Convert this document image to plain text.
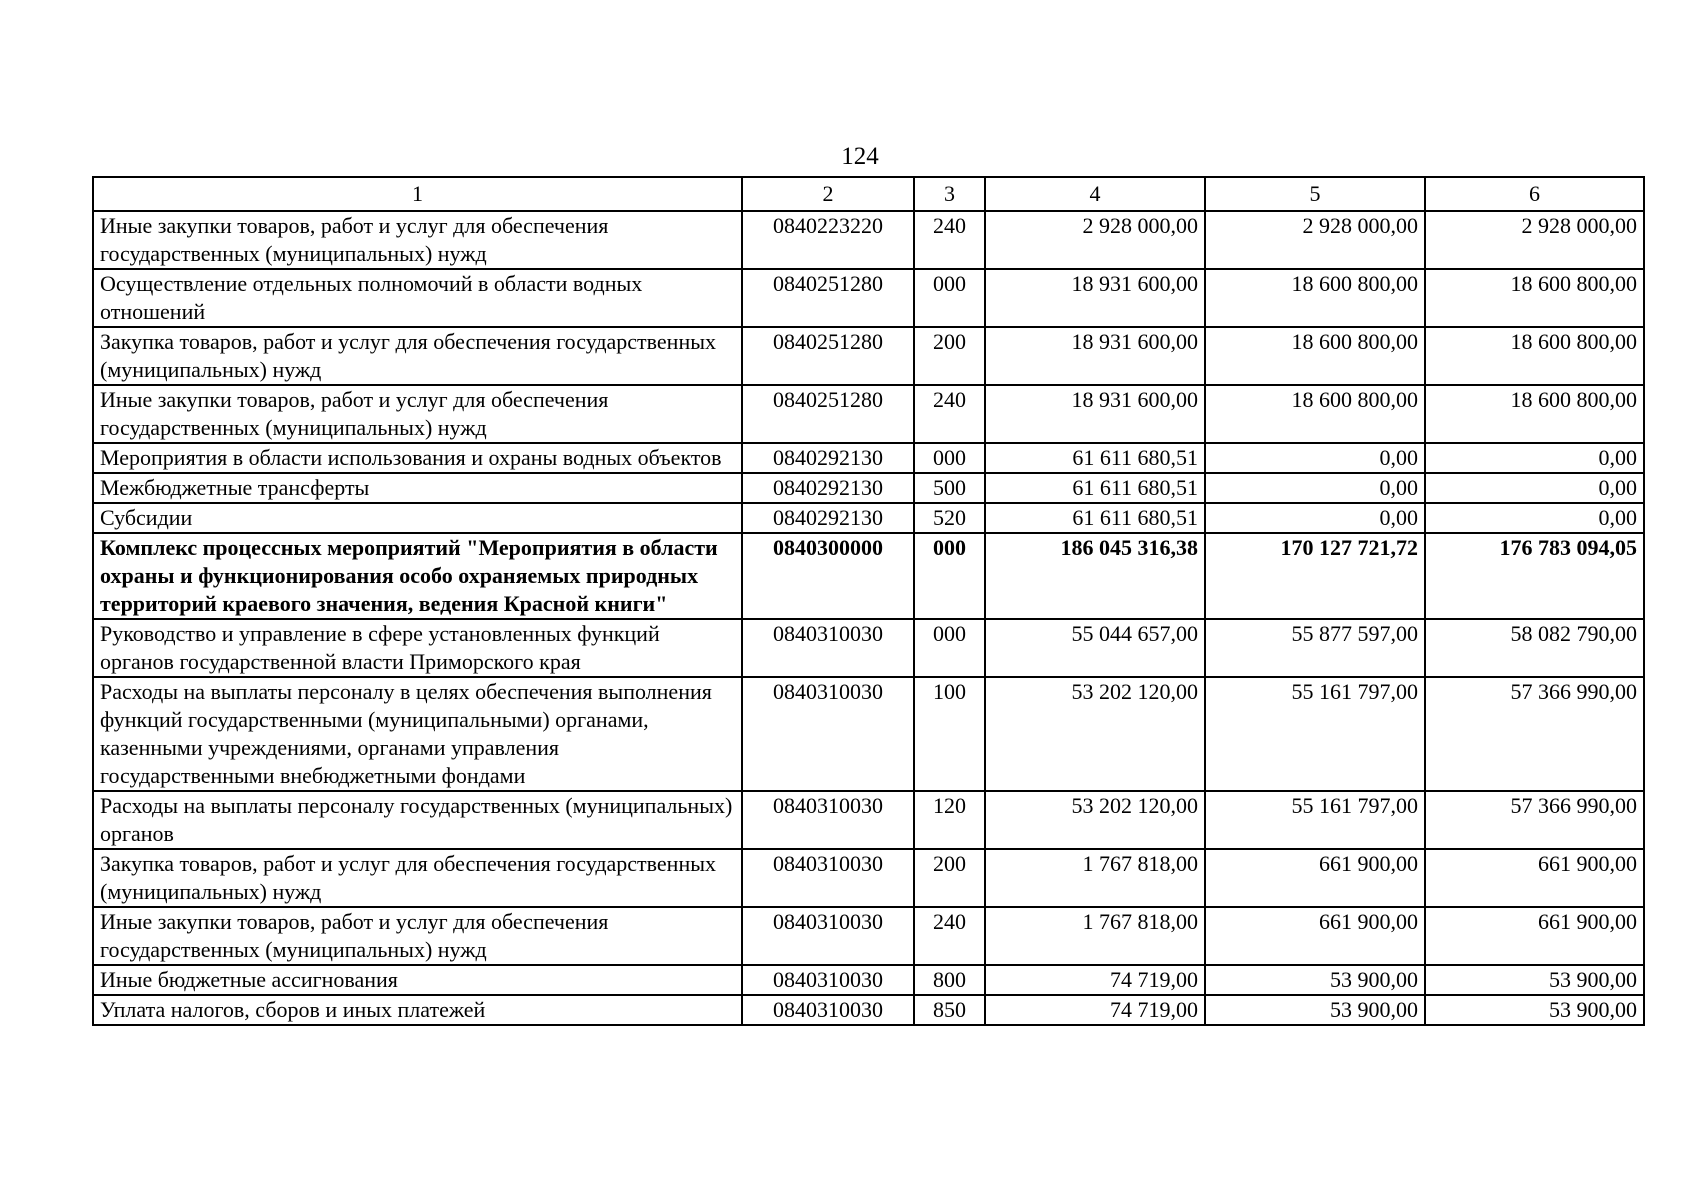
124
1	2	3	4	5	6
Иные закупки товаров, работ и услуг для обеспечения государственных (муниципальных) нужд	0840223220	240	2 928 000,00	2 928 000,00	2 928 000,00
Осуществление отдельных полномочий в области водных отношений	0840251280	000	18 931 600,00	18 600 800,00	18 600 800,00
Закупка товаров, работ и услуг для обеспечения государственных (муниципальных) нужд	0840251280	200	18 931 600,00	18 600 800,00	18 600 800,00
Иные закупки товаров, работ и услуг для обеспечения государственных (муниципальных) нужд	0840251280	240	18 931 600,00	18 600 800,00	18 600 800,00
Мероприятия в области использования и охраны водных объектов	0840292130	000	61 611 680,51	0,00	0,00
Межбюджетные трансферты	0840292130	500	61 611 680,51	0,00	0,00
Субсидии	0840292130	520	61 611 680,51	0,00	0,00
Комплекс процессных мероприятий "Мероприятия в области охраны и функционирования особо охраняемых природных территорий краевого значения, ведения Красной книги"	0840300000	000	186 045 316,38	170 127 721,72	176 783 094,05
Руководство и управление в сфере установленных функций органов государственной власти Приморского края	0840310030	000	55 044 657,00	55 877 597,00	58 082 790,00
Расходы на выплаты персоналу в целях обеспечения выполнения функций государственными (муниципальными) органами, казенными учреждениями, органами управления государственными внебюджетными фондами	0840310030	100	53 202 120,00	55 161 797,00	57 366 990,00
Расходы на выплаты персоналу государственных (муниципальных) органов	0840310030	120	53 202 120,00	55 161 797,00	57 366 990,00
Закупка товаров, работ и услуг для обеспечения государственных (муниципальных) нужд	0840310030	200	1 767 818,00	661 900,00	661 900,00
Иные закупки товаров, работ и услуг для обеспечения государственных (муниципальных) нужд	0840310030	240	1 767 818,00	661 900,00	661 900,00
Иные бюджетные ассигнования	0840310030	800	74 719,00	53 900,00	53 900,00
Уплата налогов, сборов и иных платежей	0840310030	850	74 719,00	53 900,00	53 900,00
